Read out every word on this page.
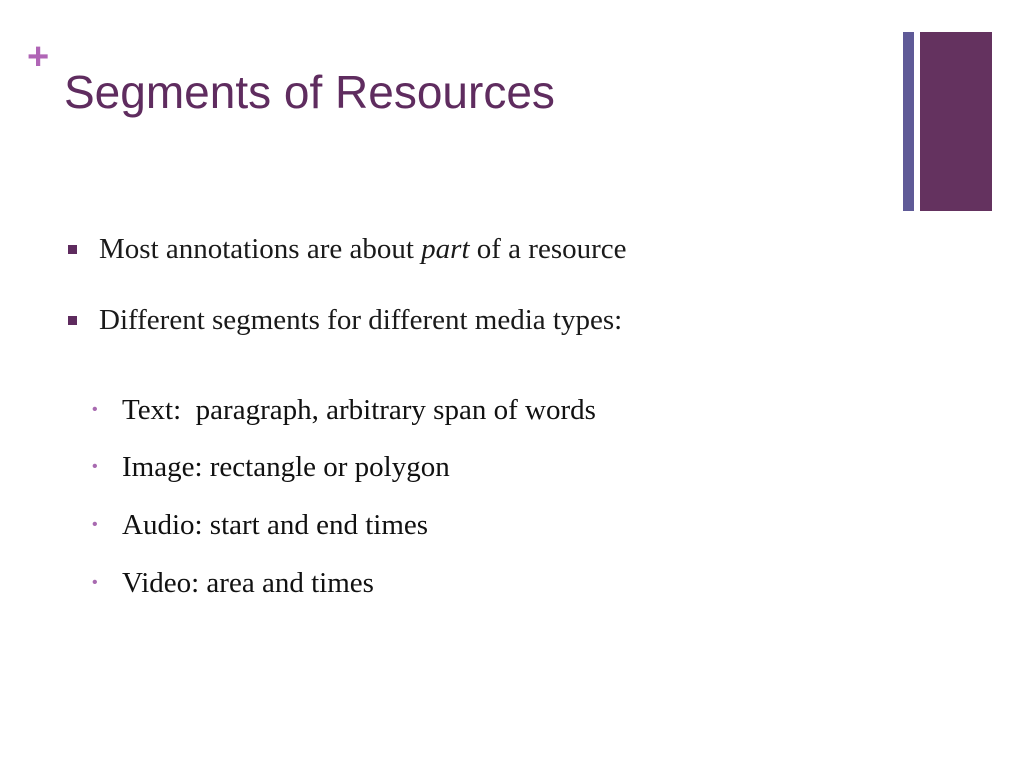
+
Segments of Resources
Most annotations are about part of a resource
Different segments for different media types:
• Text:  paragraph, arbitrary span of words
• Image: rectangle or polygon
• Audio: start and end times
• Video: area and times
